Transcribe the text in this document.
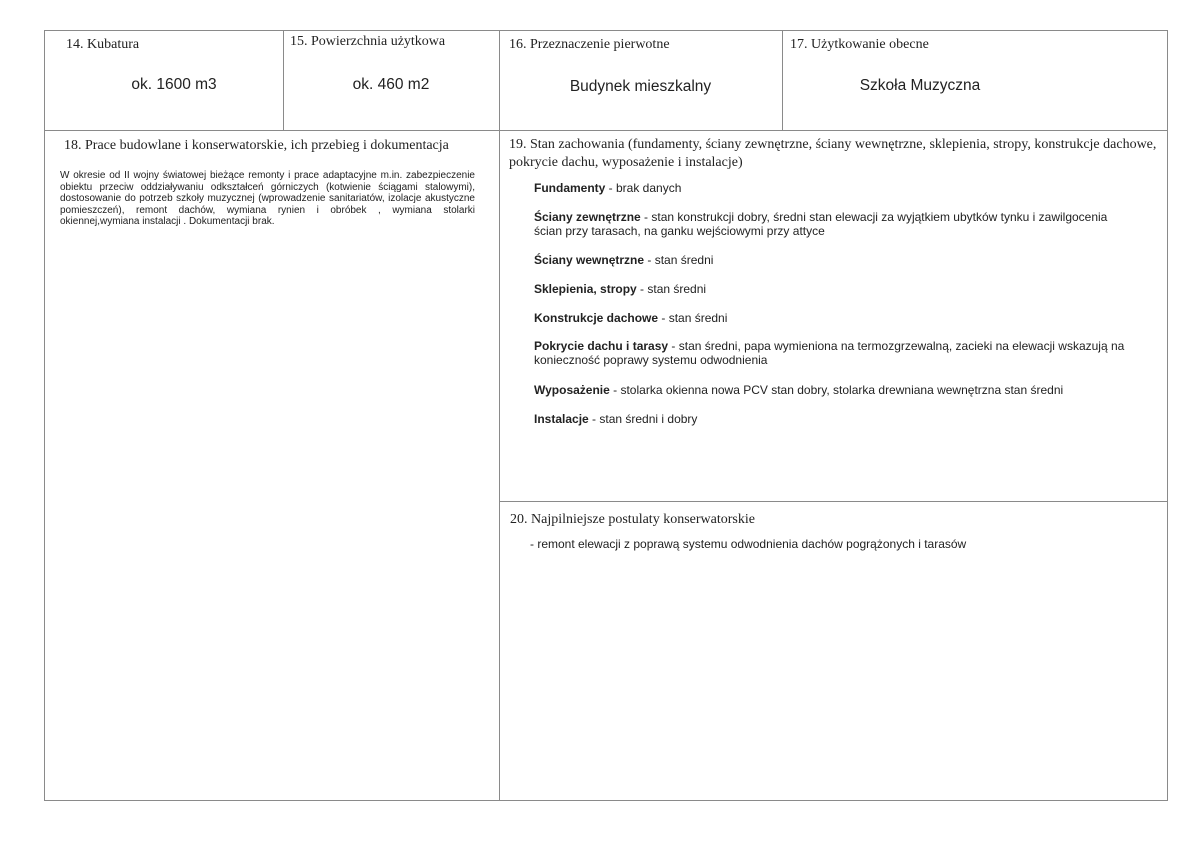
14. Kubatura
ok. 1600 m3
15. Powierzchnia użytkowa
ok. 460 m2
16. Przeznaczenie pierwotne
Budynek mieszkalny
17. Użytkowanie obecne
Szkoła Muzyczna
18. Prace budowlane i konserwatorskie, ich przebieg i dokumentacja
W okresie od II wojny światowej bieżące remonty i prace adaptacyjne m.in. zabezpieczenie obiektu przeciw oddziaływaniu odkształceń górniczych (kotwienie ściągami stalowymi), dostosowanie do potrzeb szkoły muzycznej (wprowadzenie sanitariatów, izolacje akustyczne pomieszczeń), remont dachów, wymiana rynien i obróbek , wymiana stolarki okiennej,wymiana instalacji . Dokumentacji brak.
19. Stan zachowania (fundamenty, ściany zewnętrzne, ściany wewnętrzne, sklepienia, stropy, konstrukcje dachowe, pokrycie dachu, wyposażenie i instalacje)
Fundamenty - brak danych
Ściany zewnętrzne - stan konstrukcji dobry, średni stan elewacji za wyjątkiem ubytków tynku i zawilgocenia ścian przy tarasach, na ganku wejściowymi przy attyce
Ściany wewnętrzne - stan średni
Sklepienia, stropy - stan średni
Konstrukcje dachowe - stan średni
Pokrycie dachu i tarasy - stan średni, papa wymieniona na termozgrzewalną, zacieki na elewacji wskazują na konieczność poprawy systemu odwodnienia
Wyposażenie - stolarka okienna nowa PCV stan dobry, stolarka drewniana wewnętrzna stan średni
Instalacje - stan średni i dobry
20. Najpilniejsze postulaty konserwatorskie
- remont elewacji z poprawą systemu odwodnienia dachów pogrążonych i tarasów
